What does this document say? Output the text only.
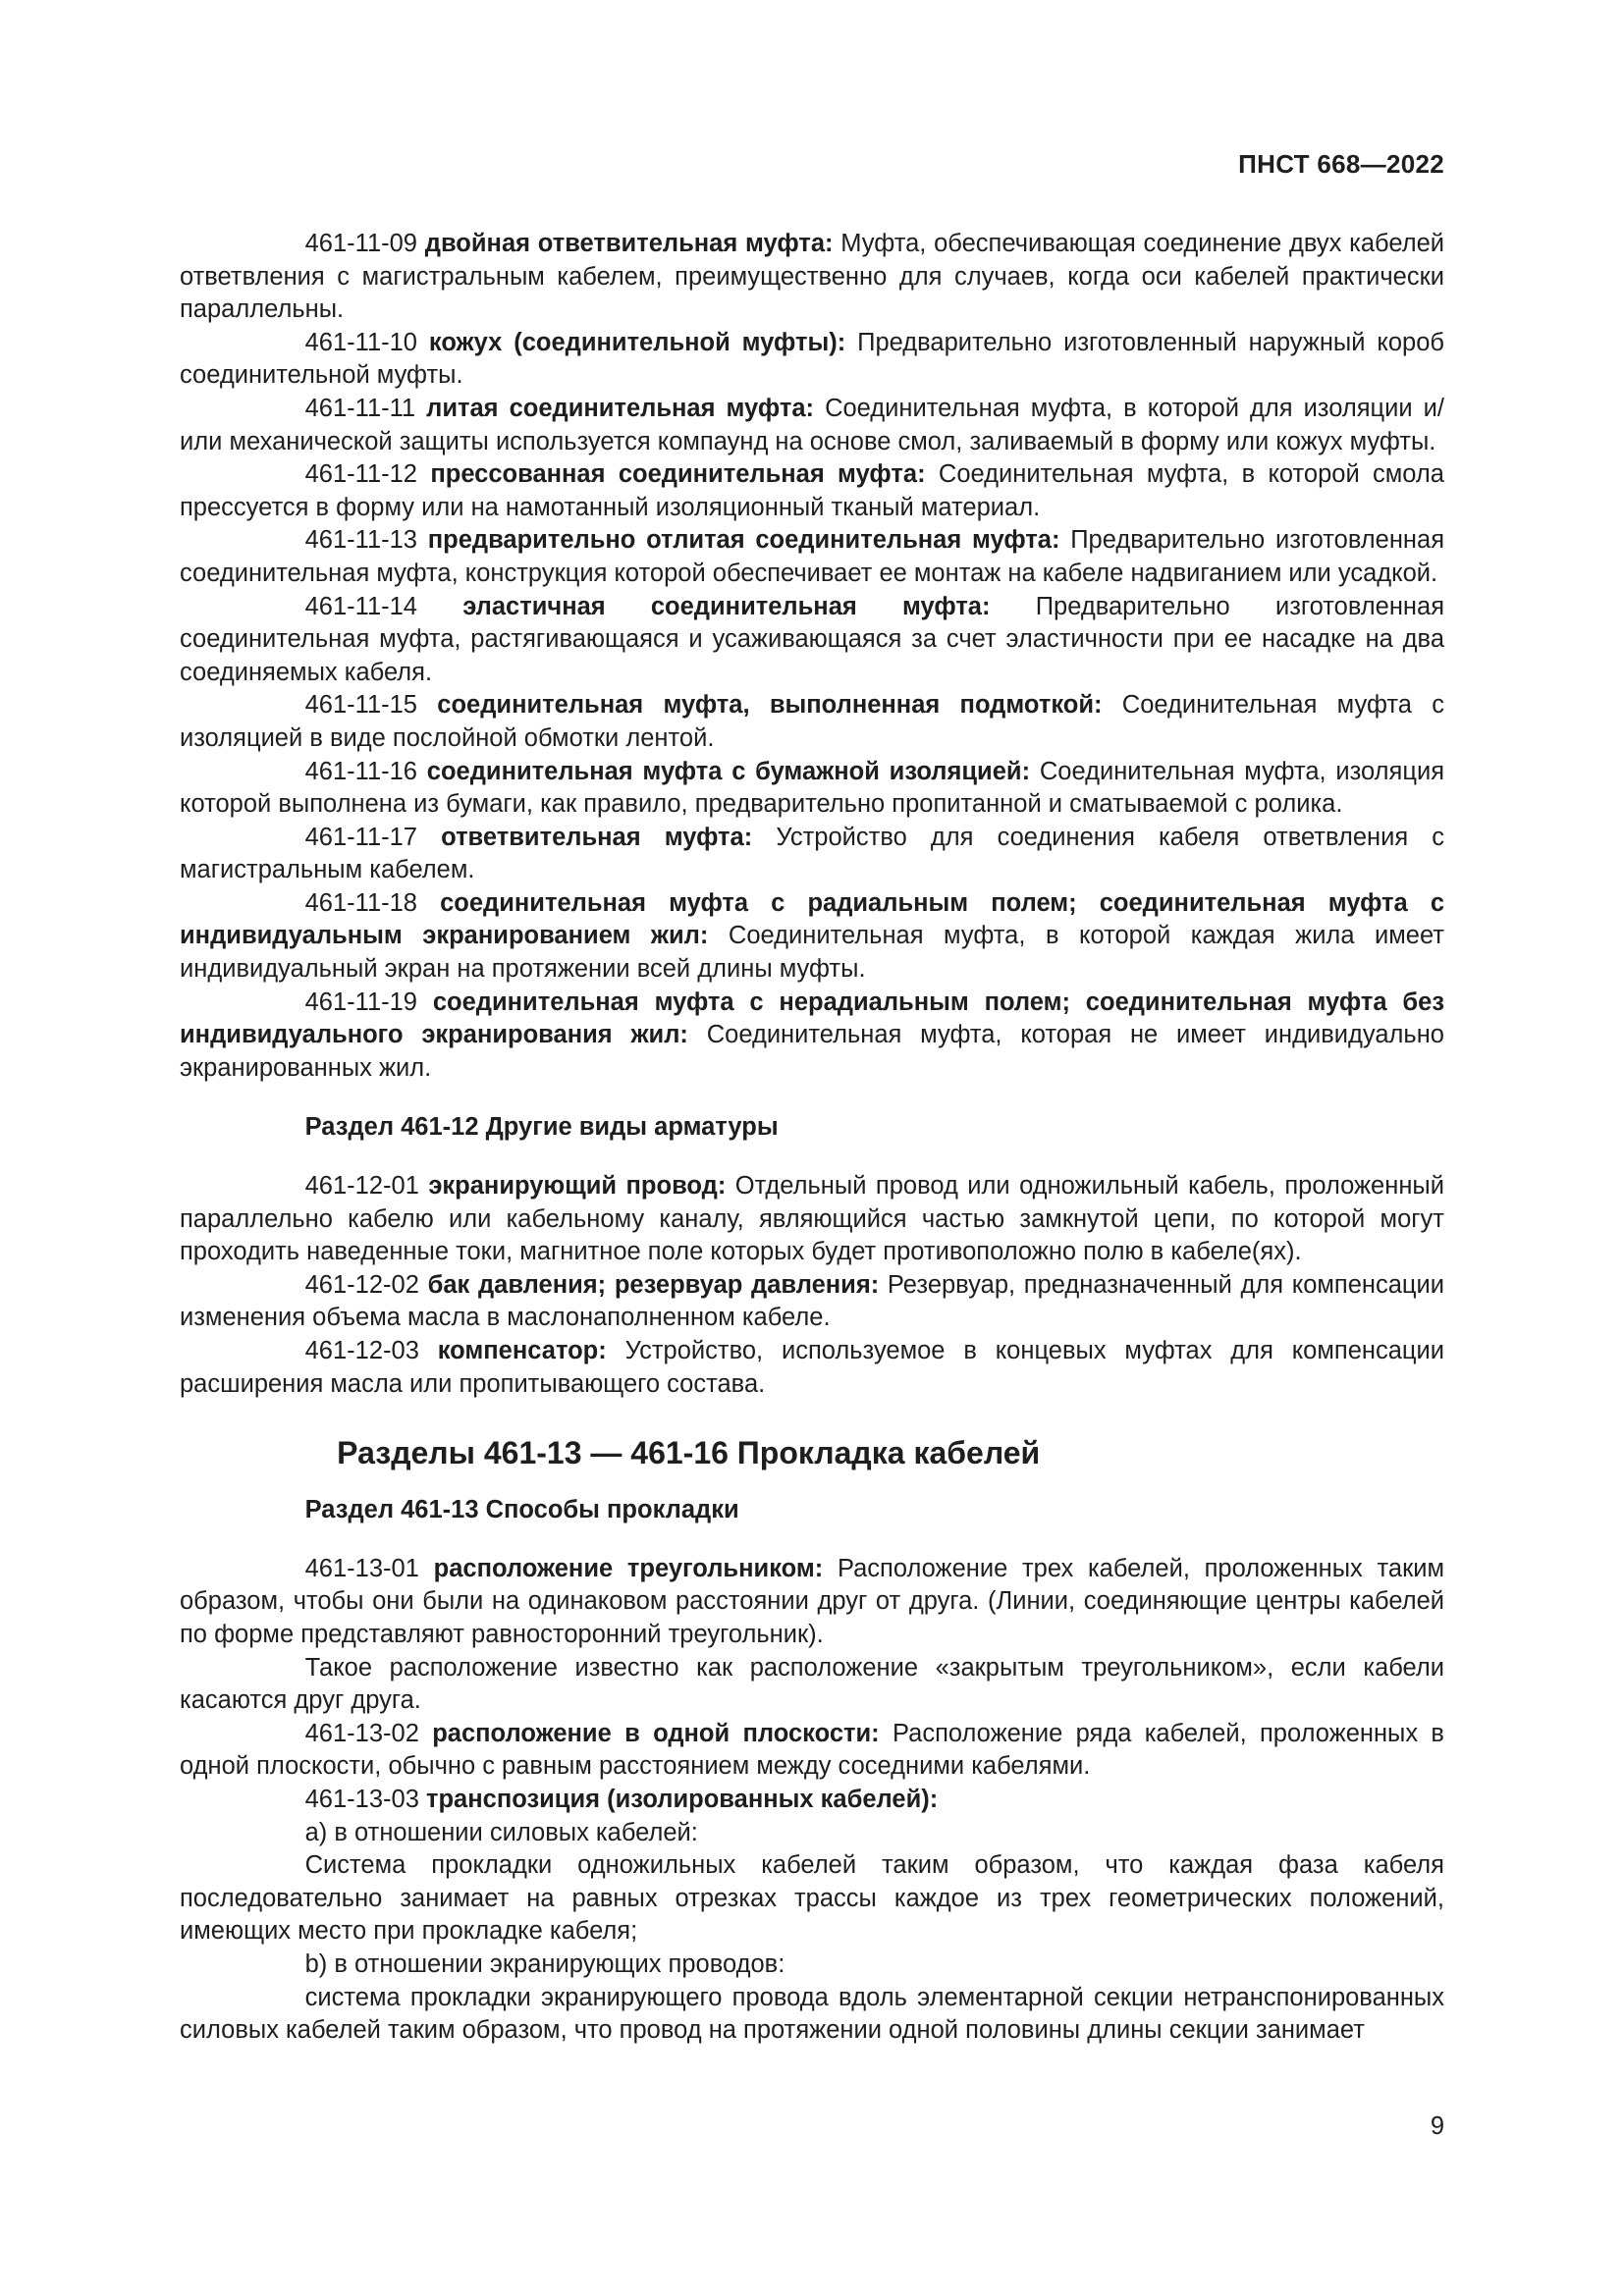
ПНСТ 668—2022
461-11-09 двойная ответвительная муфта: Муфта, обеспечивающая соединение двух кабелей ответвления с магистральным кабелем, преимущественно для случаев, когда оси кабелей практически параллельны.
461-11-10 кожух (соединительной муфты): Предварительно изготовленный наружный короб соединительной муфты.
461-11-11 литая соединительная муфта: Соединительная муфта, в которой для изоляции и/или механической защиты используется компаунд на основе смол, заливаемый в форму или кожух муфты.
461-11-12 прессованная соединительная муфта: Соединительная муфта, в которой смола прессуется в форму или на намотанный изоляционный тканый материал.
461-11-13 предварительно отлитая соединительная муфта: Предварительно изготовленная соединительная муфта, конструкция которой обеспечивает ее монтаж на кабеле надвиганием или усадкой.
461-11-14 эластичная соединительная муфта: Предварительно изготовленная соединительная муфта, растягивающаяся и усаживающаяся за счет эластичности при ее насадке на два соединяемых кабеля.
461-11-15 соединительная муфта, выполненная подмоткой: Соединительная муфта с изоляцией в виде послойной обмотки лентой.
461-11-16 соединительная муфта с бумажной изоляцией: Соединительная муфта, изоляция которой выполнена из бумаги, как правило, предварительно пропитанной и сматываемой с ролика.
461-11-17 ответвительная муфта: Устройство для соединения кабеля ответвления с магистральным кабелем.
461-11-18 соединительная муфта с радиальным полем; соединительная муфта с индивидуальным экранированием жил: Соединительная муфта, в которой каждая жила имеет индивидуальный экран на протяжении всей длины муфты.
461-11-19 соединительная муфта с нерадиальным полем; соединительная муфта без индивидуального экранирования жил: Соединительная муфта, которая не имеет индивидуально экранированных жил.
Раздел 461-12 Другие виды арматуры
461-12-01 экранирующий провод: Отдельный провод или одножильный кабель, проложенный параллельно кабелю или кабельному каналу, являющийся частью замкнутой цепи, по которой могут проходить наведенные токи, магнитное поле которых будет противоположно полю в кабеле(ях).
461-12-02 бак давления; резервуар давления: Резервуар, предназначенный для компенсации изменения объема масла в маслонаполненном кабеле.
461-12-03 компенсатор: Устройство, используемое в концевых муфтах для компенсации расширения масла или пропитывающего состава.
Разделы 461-13 — 461-16 Прокладка кабелей
Раздел 461-13 Способы прокладки
461-13-01 расположение треугольником: Расположение трех кабелей, проложенных таким образом, чтобы они были на одинаковом расстоянии друг от друга. (Линии, соединяющие центры кабелей по форме представляют равносторонний треугольник).
Такое расположение известно как расположение «закрытым треугольником», если кабели касаются друг друга.
461-13-02 расположение в одной плоскости: Расположение ряда кабелей, проложенных в одной плоскости, обычно с равным расстоянием между соседними кабелями.
461-13-03 транспозиция (изолированных кабелей):
а) в отношении силовых кабелей:
Система прокладки одножильных кабелей таким образом, что каждая фаза кабеля последовательно занимает на равных отрезках трассы каждое из трех геометрических положений, имеющих место при прокладке кабеля;
b) в отношении экранирующих проводов:
система прокладки экранирующего провода вдоль элементарной секции нетранспонированных силовых кабелей таким образом, что провод на протяжении одной половины длины секции занимает
9
